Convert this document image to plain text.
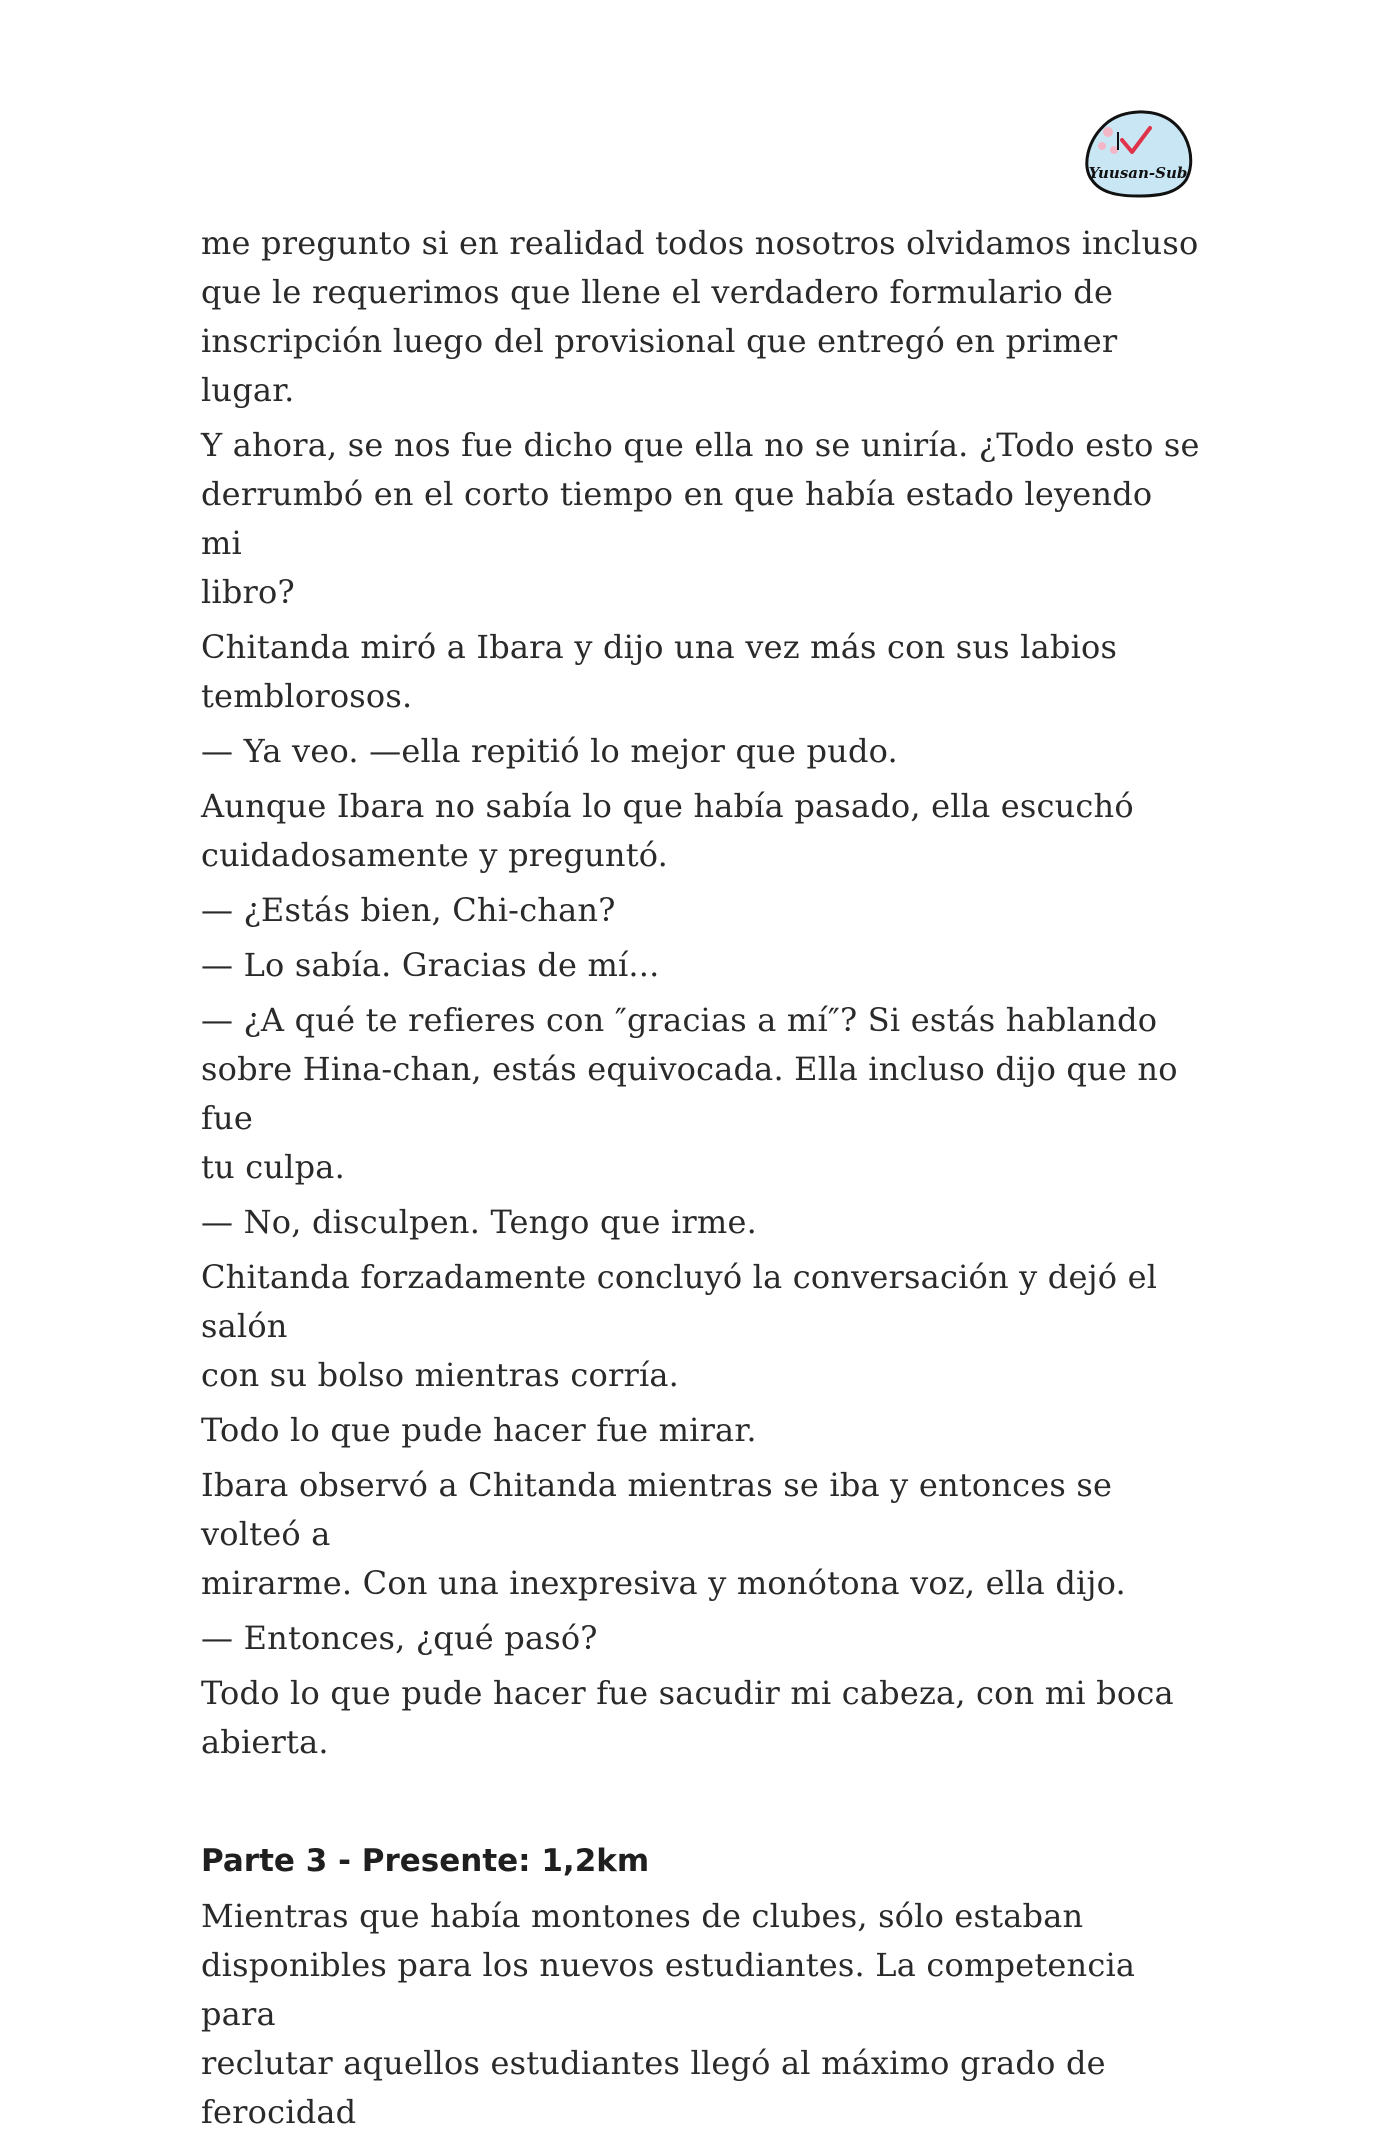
Yuusan-Sub
me pregunto si en realidad todos nosotros olvidamos incluso
que le requerimos que llene el verdadero formulario de
inscripción luego del provisional que entregó en primer lugar.
Y ahora, se nos fue dicho que ella no se uniría. ¿Todo esto se
derrumbó en el corto tiempo en que había estado leyendo mi
libro?
Chitanda miró a Ibara y dijo una vez más con sus labios
temblorosos.
— Ya veo. —ella repitió lo mejor que pudo.
Aunque Ibara no sabía lo que había pasado, ella escuchó
cuidadosamente y preguntó.
— ¿Estás bien, Chi-chan?
— Lo sabía. Gracias de mí...
— ¿A qué te refieres con ″gracias a mí″? Si estás hablando
sobre Hina-chan, estás equivocada. Ella incluso dijo que no fue
tu culpa.
— No, disculpen. Tengo que irme.
Chitanda forzadamente concluyó la conversación y dejó el salón
con su bolso mientras corría.
Todo lo que pude hacer fue mirar.
Ibara observó a Chitanda mientras se iba y entonces se volteó a
mirarme. Con una inexpresiva y monótona voz, ella dijo.
— Entonces, ¿qué pasó?
Todo lo que pude hacer fue sacudir mi cabeza, con mi boca
abierta.
Parte 3 - Presente: 1,2km
Mientras que había montones de clubes, sólo estaban
disponibles para los nuevos estudiantes. La competencia para
reclutar aquellos estudiantes llegó al máximo grado de ferocidad
